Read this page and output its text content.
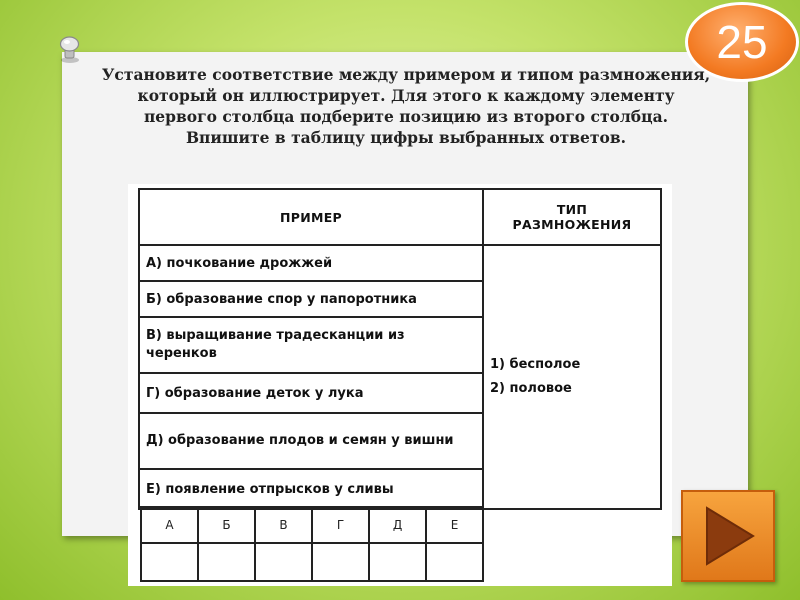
25
Установите соответствие между примером и типом размножения, который он иллюстрирует. Для этого к каждому элементу первого столбца подберите позицию из второго столбца. Впишите в таблицу цифры выбранных ответов.
ПРИМЕР	ТИП
РАЗМНОЖЕНИЯ

А) почкование дрожжей	1) бесполое
2) половое

Б) образование спор у папоротника	
В) выращивание традесканции из черенков	
Г) образование деток у лука	
Д) образование плодов и семян у вишни	
Е) появление отпрысков у сливы	
А	Б	В	Г	Д	Е
